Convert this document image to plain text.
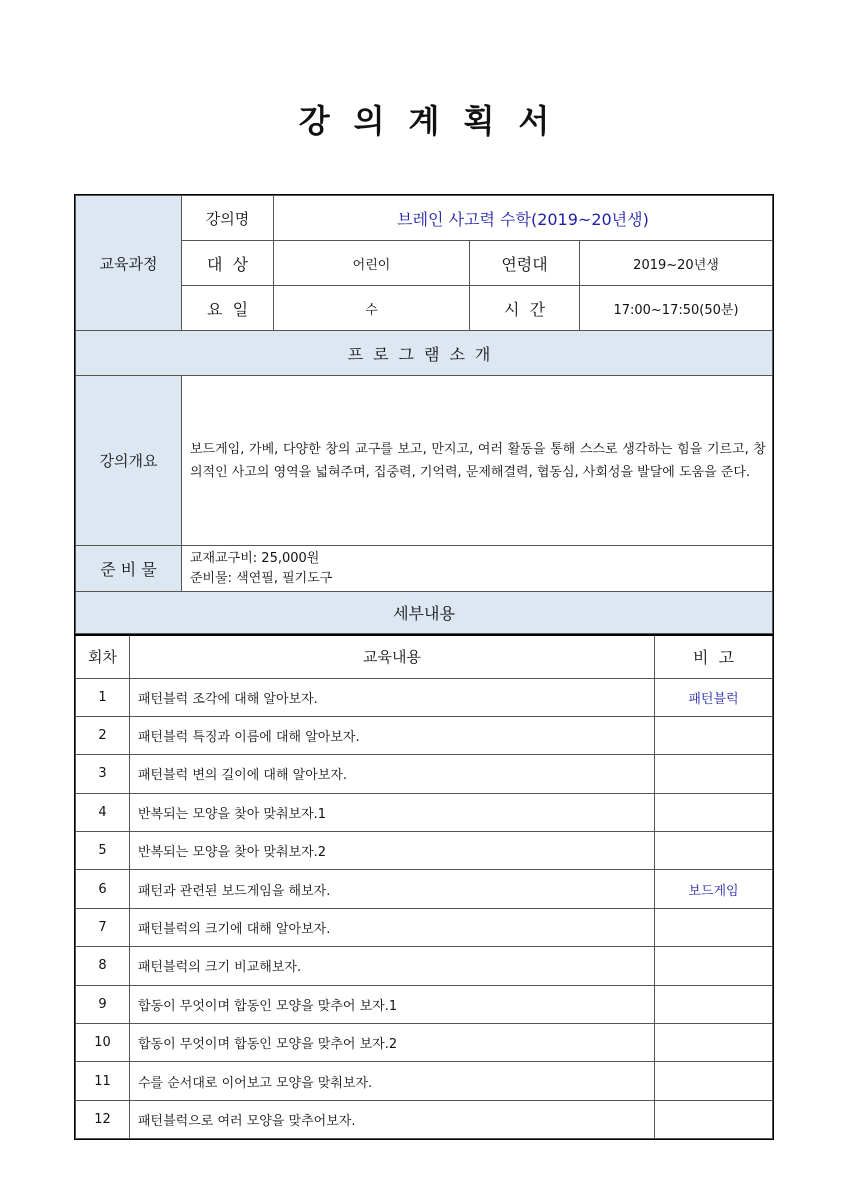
강 의 계 획 서
교육과정	강의명	브레인 사고력 수학(2019~20년생)		
	대  상	어린이	연령대	2019~20년생
	요  일	수	시  간	17:00~17:50(50분)
프로그램소개				
강의개요	보드게임, 가베, 다양한 창의 교구를 보고, 만지고, 여러 활동을 통해 스스로 생각하는 힘을 기르고, 창의적인 사고의 영역을 넓혀주며, 집중력, 기억력, 문제해결력, 협동심, 사회성을 발달에 도움을 준다.			
준 비 물	교재교구비: 25,000원
준비물: 색연필, 필기도구			

세부내용				
회차	교육내용	비  고
1	패턴블럭 조각에 대해 알아보자.	패턴블럭
2	패턴블럭 특징과 이름에 대해 알아보자.	
3	패턴블럭 변의 길이에 대해 알아보자.	
4	반복되는 모양을 찾아 맞춰보자.1	
5	반복되는 모양을 찾아 맞춰보자.2	
6	패턴과 관련된 보드게임을 해보자.	보드게임
7	패턴블럭의 크기에 대해 알아보자.	
8	패턴블럭의 크기 비교해보자.	
9	합동이 무엇이며 합동인 모양을 맞추어 보자.1	
10	합동이 무엇이며 합동인 모양을 맞추어 보자.2	
11	수를 순서대로 이어보고 모양을 맞춰보자.	
12	패턴블럭으로 여러 모양을 맞추어보자.	
